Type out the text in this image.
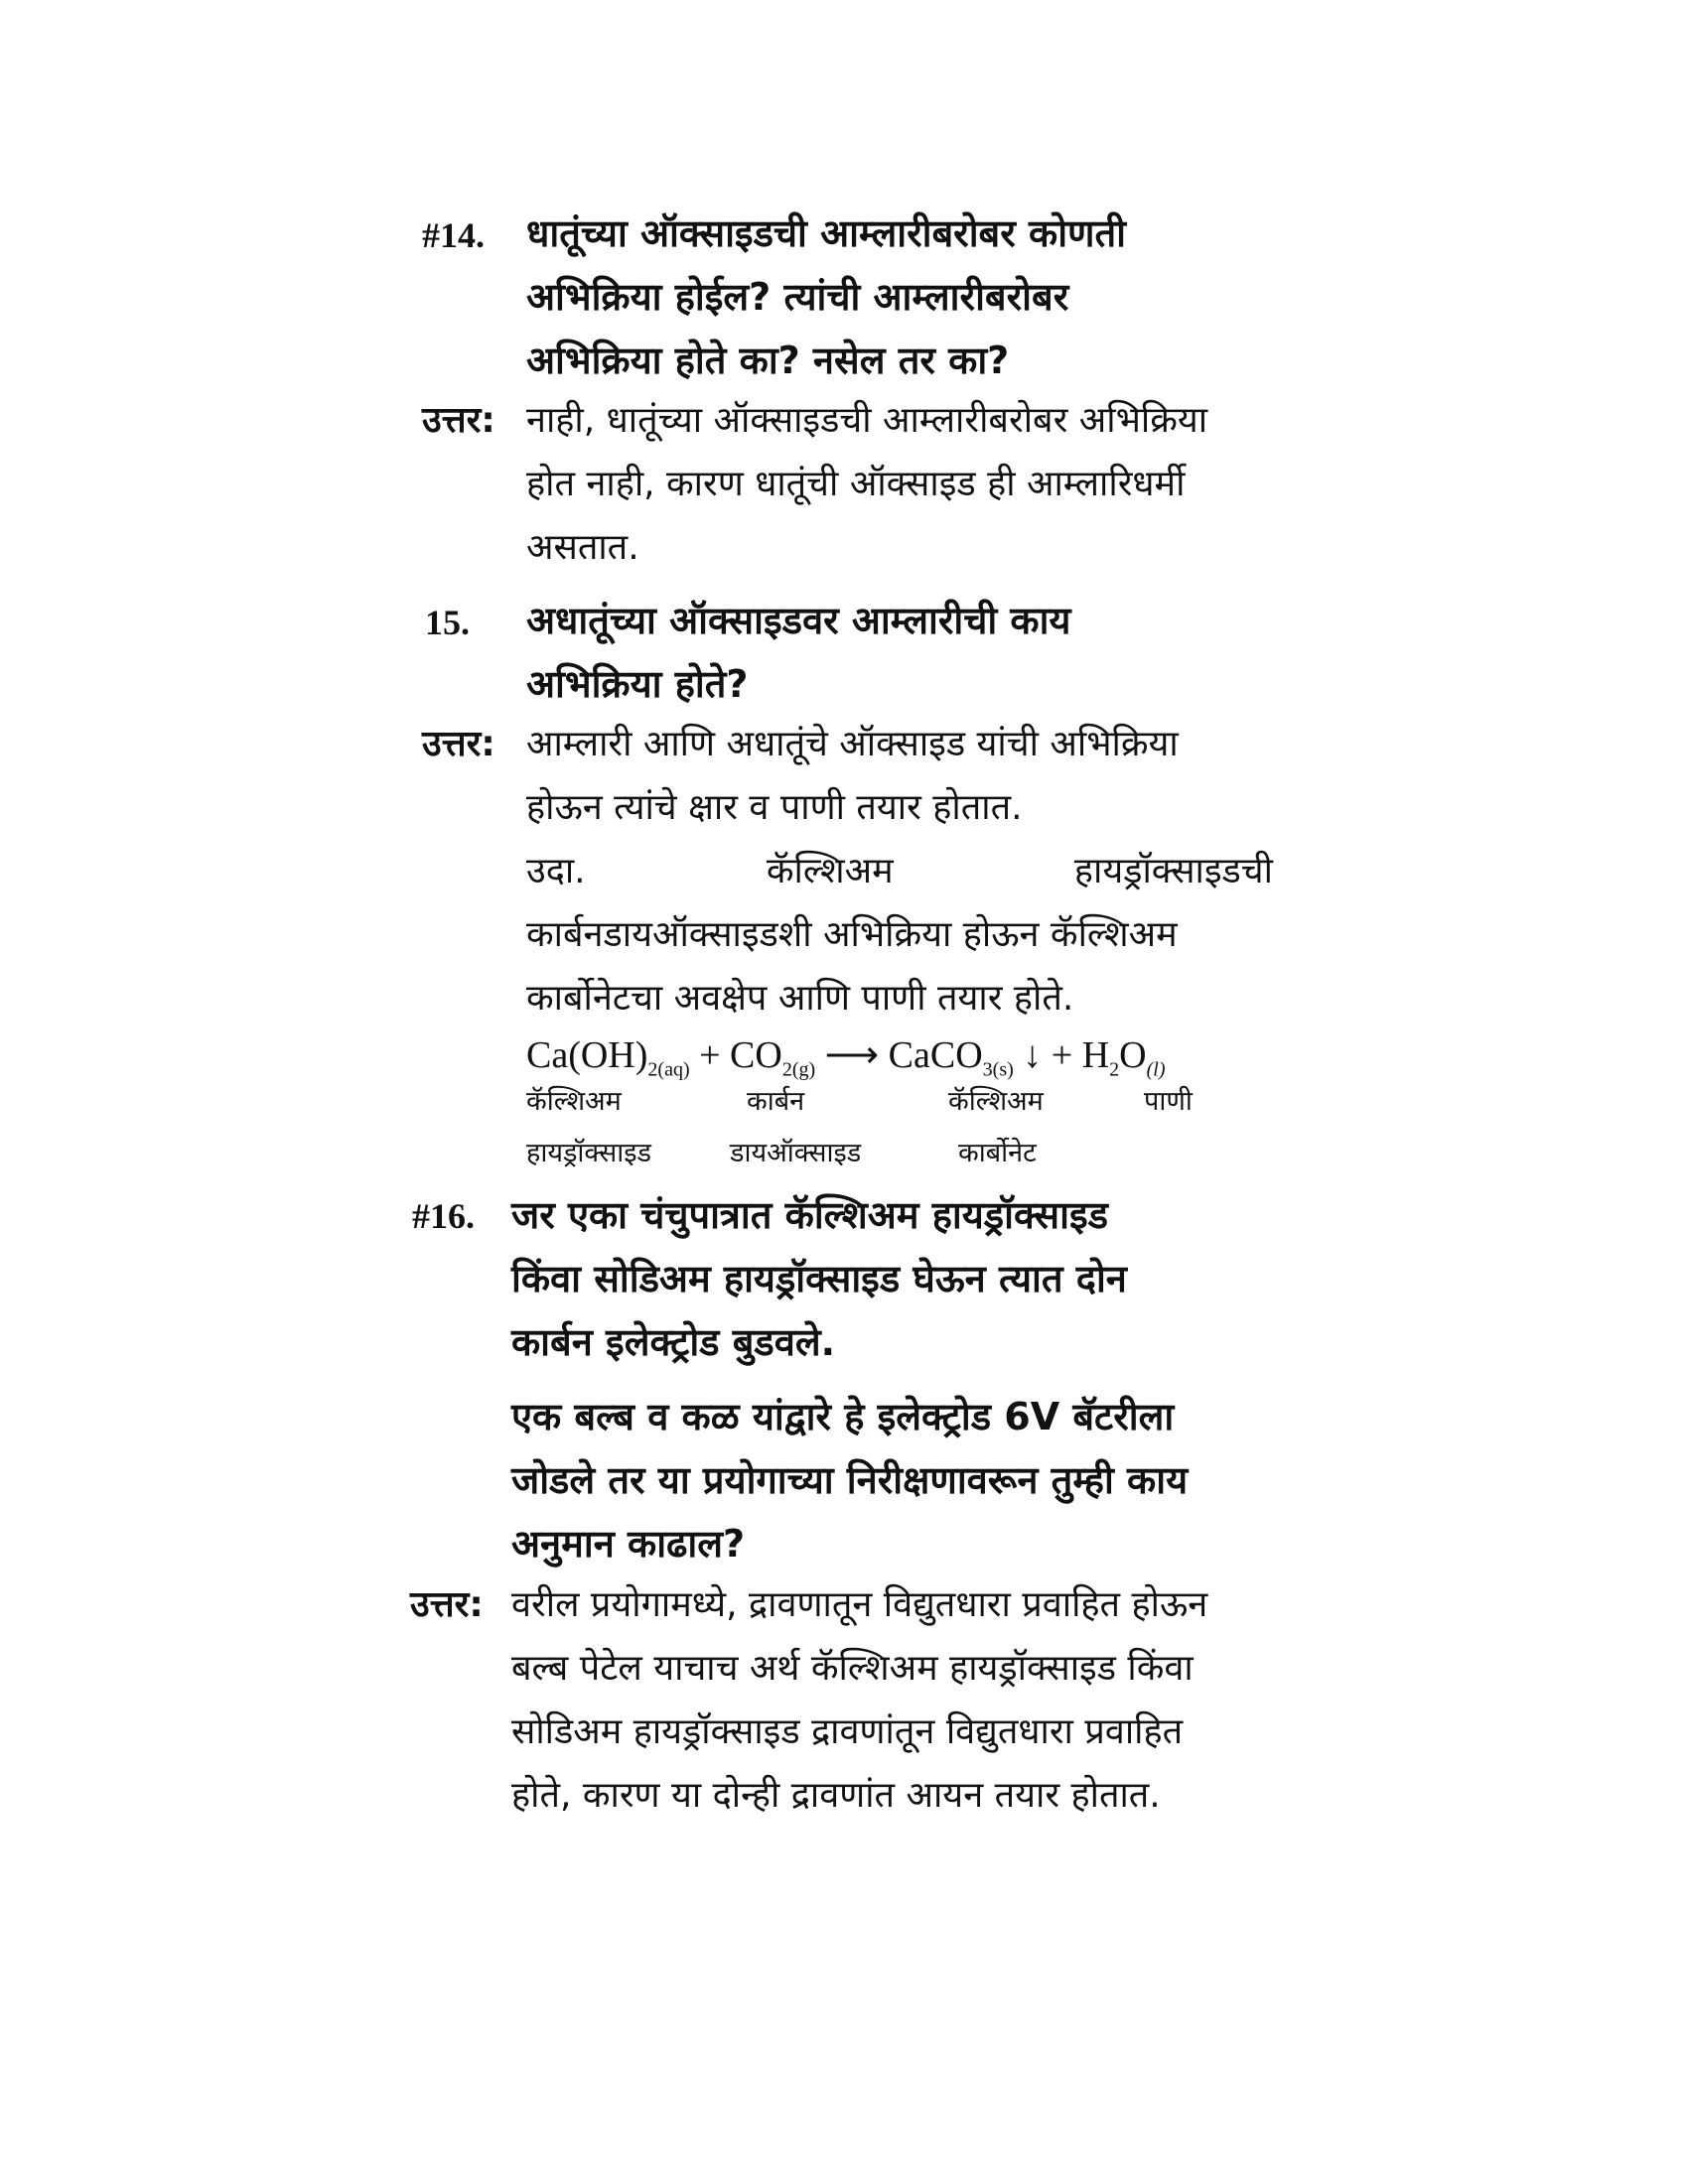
#14. धातूंच्या ऑक्साइडची आम्लारीबरोबर कोणती
अभिक्रिया होईल? त्यांची आम्लारीबरोबर
अभिक्रिया होते का? नसेल तर का?
उत्तर: नाही, धातूंच्या ऑक्साइडची आम्लारीबरोबर अभिक्रिया
होत नाही, कारण धातूंची ऑक्साइड ही आम्लारिधर्मी
असतात.
15. अधातूंच्या ऑक्साइडवर आम्लारीची काय
अभिक्रिया होते?
उत्तर: आम्लारी आणि अधातूंचे ऑक्साइड यांची अभिक्रिया
होऊन त्यांचे क्षार व पाणी तयार होतात.
उदा.	कॅल्शिअम	हायड्रॉक्साइडची
कार्बनडायऑक्साइडशी अभिक्रिया होऊन कॅल्शिअम
कार्बोनेटचा अवक्षेप आणि पाणी तयार होते.
$Ca(OH)_{2(aq)} + CO_{2(g)}$ ⟶ CaCO$_{3(s)}$ ↓ + $H_2O_{(l)}$
कॅल्शिअम
हायड्रॉक्साइड
कार्बन
डायऑक्साइड
कॅल्शिअम
कार्बोनेट
पाणी
#16. जर एका चंचुपात्रात कॅल्शिअम हायड्रॉक्साइड
किंवा सोडिअम हायड्रॉक्साइड घेऊन त्यात दोन
कार्बन इलेक्ट्रोड बुडवले.
एक बल्ब व कळ यांद्वारे हे इलेक्ट्रोड 6V बॅटरीला
जोडले तर या प्रयोगाच्या निरीक्षणावरून तुम्ही काय
अनुमान काढाल?
उत्तर: वरील प्रयोगामध्ये, द्रावणातून विद्युतधारा प्रवाहित होऊन
बल्ब पेटेल याचाच अर्थ कॅल्शिअम हायड्रॉक्साइड किंवा
सोडिअम हायड्रॉक्साइड द्रावणांतून विद्युतधारा प्रवाहित
होते, कारण या दोन्ही द्रावणांत आयन तयार होतात.
